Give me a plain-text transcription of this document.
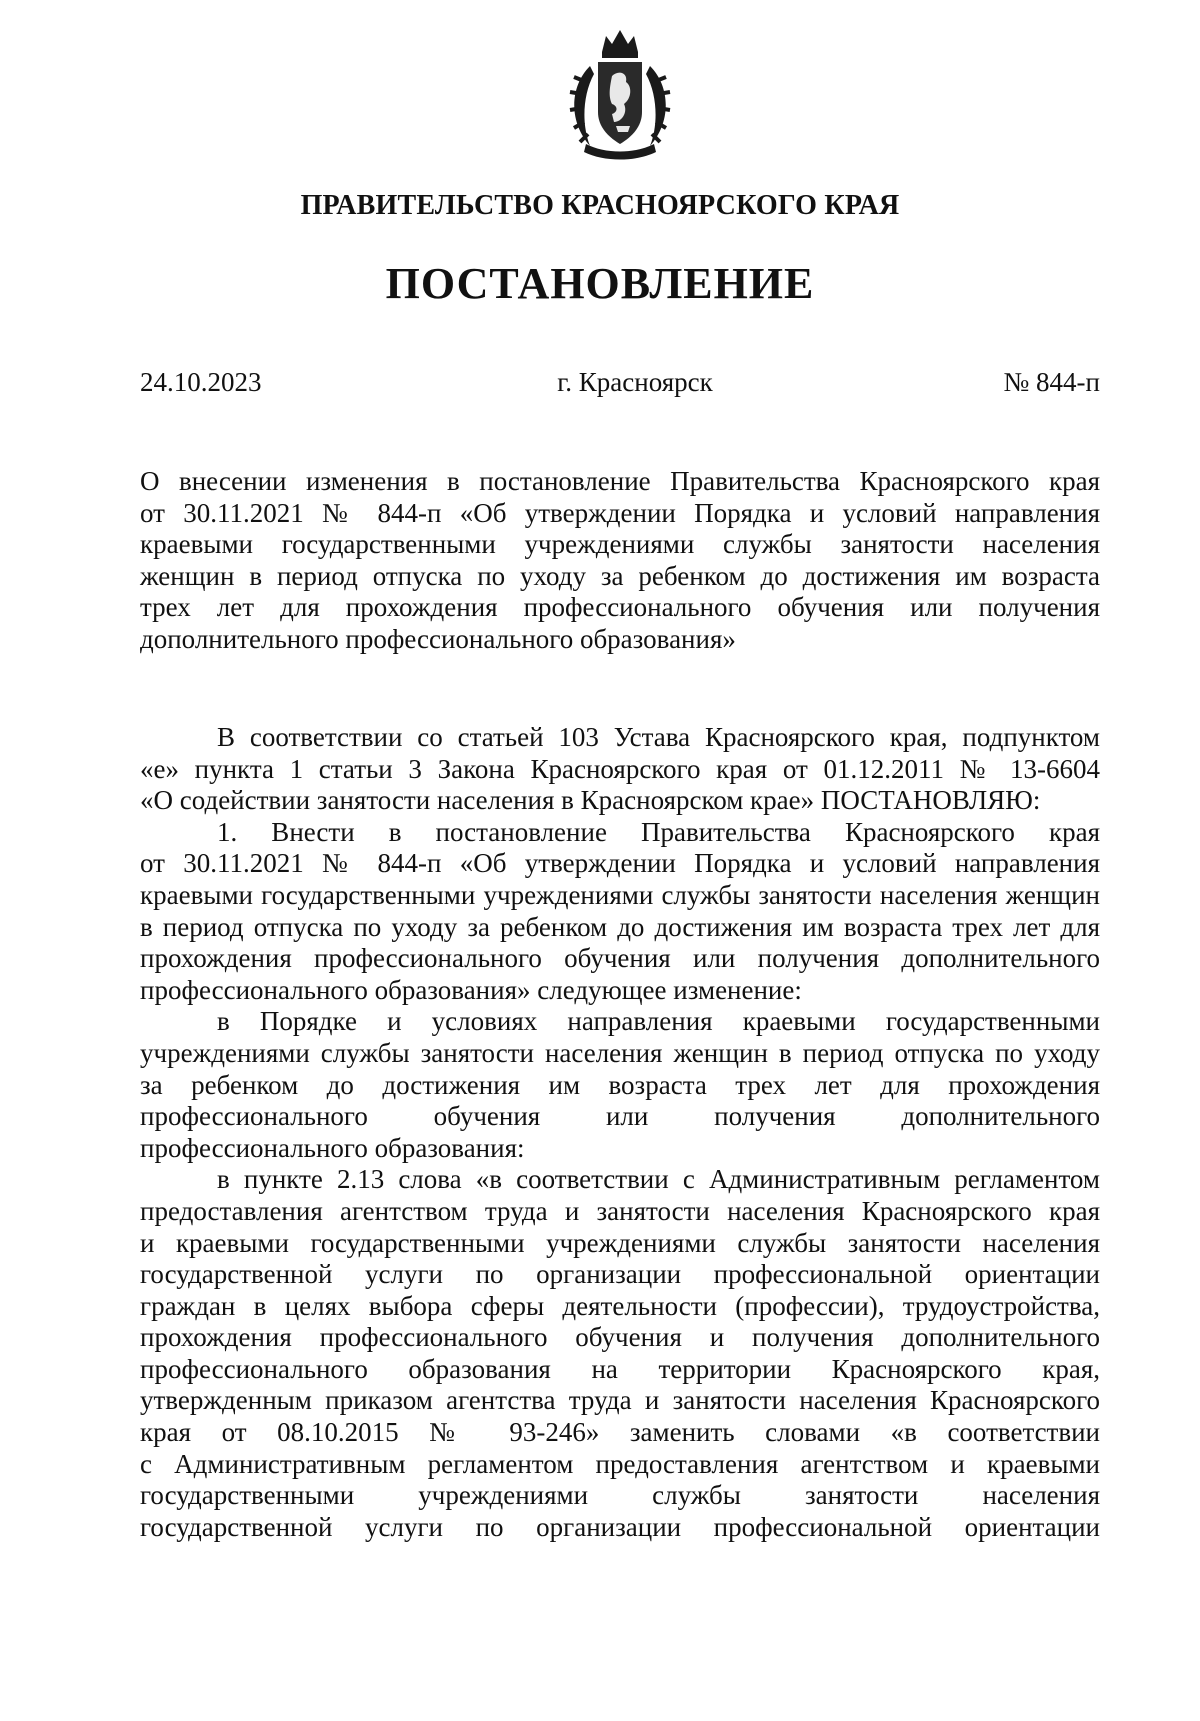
ПРАВИТЕЛЬСТВО КРАСНОЯРСКОГО КРАЯ
ПОСТАНОВЛЕНИЕ
24.10.2023	г. Красноярск	№ 844-п
О внесении изменения в постановление Правительства Красноярского края
от 30.11.2021 № 844-п «Об утверждении Порядка и условий направления
краевыми государственными учреждениями службы занятости населения
женщин в период отпуска по уходу за ребенком до достижения им возраста
трех лет для прохождения профессионального обучения или получения
дополнительного профессионального образования»
В соответствии со статьей 103 Устава Красноярского края, подпунктом
«е» пункта 1 статьи 3 Закона Красноярского края от 01.12.2011 № 13-6604
«О содействии занятости населения в Красноярском крае» ПОСТАНОВЛЯЮ:
1. Внести в постановление Правительства Красноярского края
от 30.11.2021 № 844-п «Об утверждении Порядка и условий направления
краевыми государственными учреждениями службы занятости населения женщин
в период отпуска по уходу за ребенком до достижения им возраста трех лет для
прохождения профессионального обучения или получения дополнительного
профессионального образования» следующее изменение:
в Порядке и условиях направления краевыми государственными
учреждениями службы занятости населения женщин в период отпуска по уходу
за ребенком до достижения им возраста трех лет для прохождения
профессионального обучения или получения дополнительного
профессионального образования:
в пункте 2.13 слова «в соответствии с Административным регламентом
предоставления агентством труда и занятости населения Красноярского края
и краевыми государственными учреждениями службы занятости населения
государственной услуги по организации профессиональной ориентации
граждан в целях выбора сферы деятельности (профессии), трудоустройства,
прохождения профессионального обучения и получения дополнительного
профессионального образования на территории Красноярского края,
утвержденным приказом агентства труда и занятости населения Красноярского
края от 08.10.2015 № 93-246» заменить словами «в соответствии
с Административным регламентом предоставления агентством и краевыми
государственными учреждениями службы занятости населения
государственной услуги по организации профессиональной ориентации
